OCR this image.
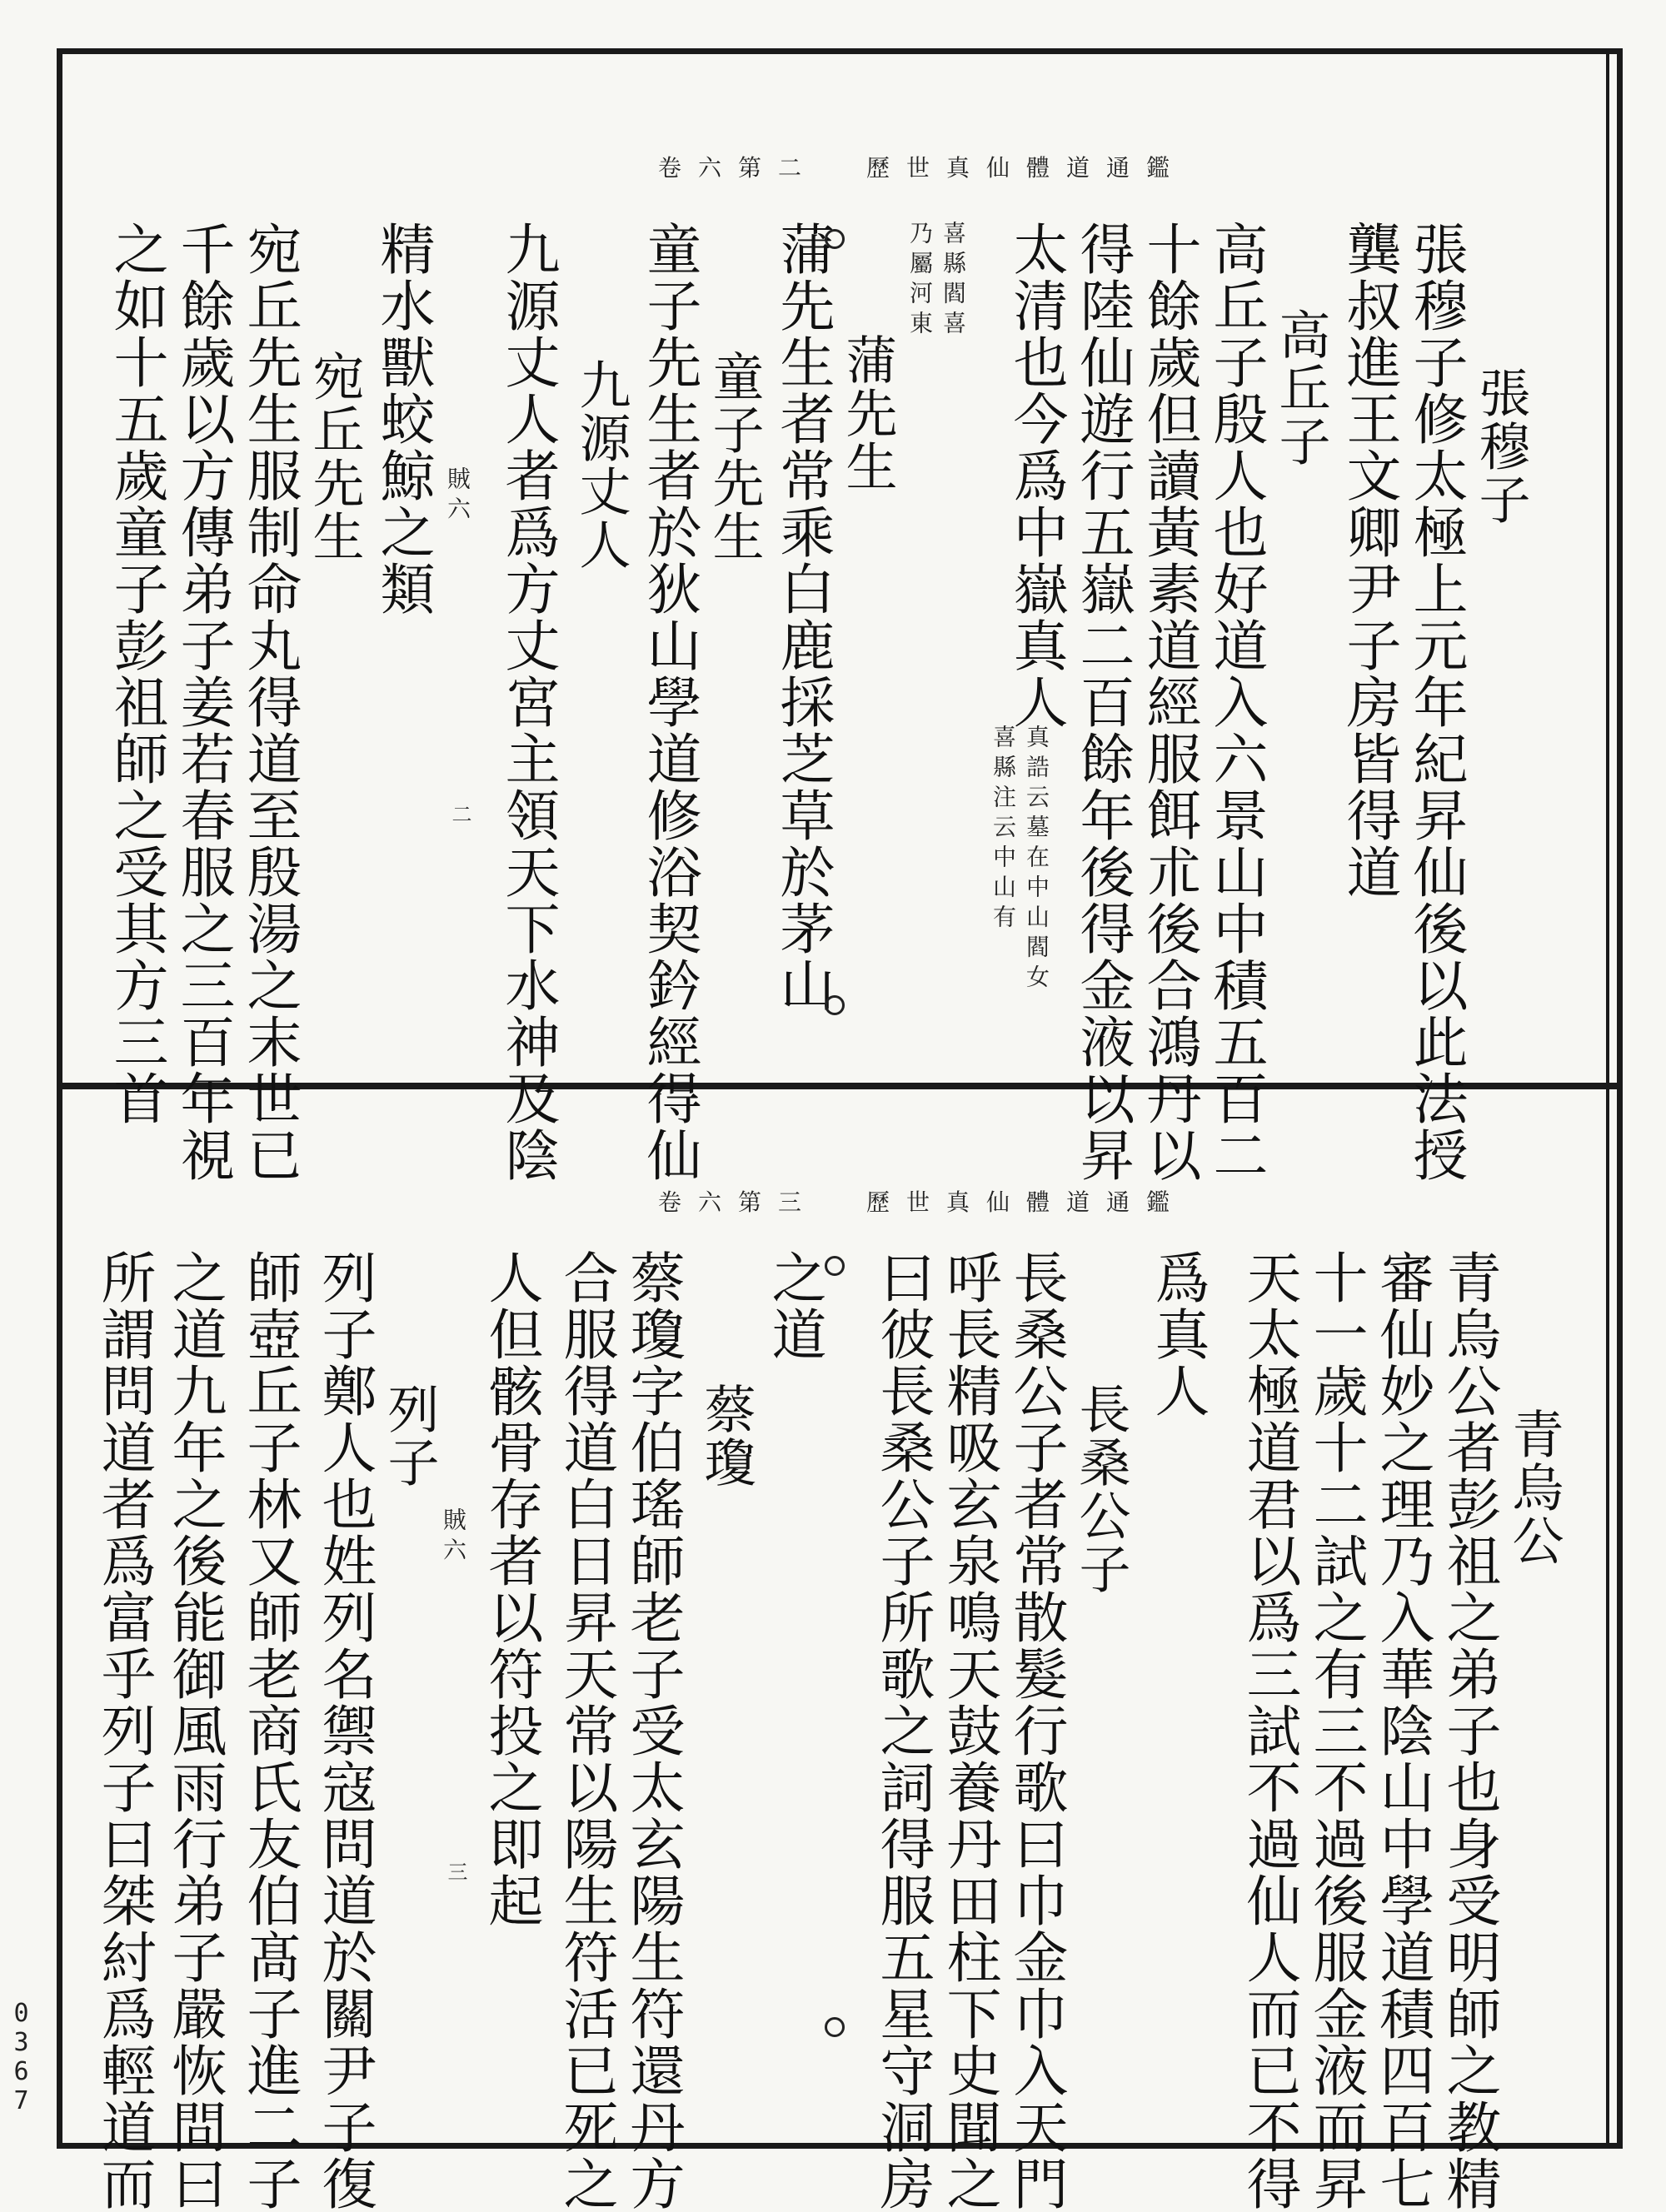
歷世真仙體道通鑑
卷六第二
張穆子
張穆子修太極上元年紀昇仙後以此法授
龔叔進王文卿尹子房皆得道
高丘子
高丘子殷人也好道入六景山中積五百二
十餘歲但讀黃素道經服餌朮後合鴻丹以
得陸仙遊行五嶽二百餘年後得金液以昇
太清也今爲中嶽真人
真誥云墓在中山閻女
喜縣注云中山有
喜縣閻喜
乃屬河東
蒲先生
蒲先生者常乘白鹿採芝草於茅山
童子先生
童子先生者於狄山學道修浴契鈐經得仙
九源丈人
九源丈人者爲方丈宮主領天下水神及陰
賊六
二
精水獸蛟鯨之類
宛丘先生
宛丘先生服制命丸得道至殷湯之末世已
千餘歲以方傳弟子姜若春服之三百年視
之如十五歲童子彭祖師之受其方三首
歷世真仙體道通鑑
卷六第三
青烏公
青烏公者彭祖之弟子也身受明師之教精
審仙妙之理乃入華陰山中學道積四百七
十一歲十二試之有三不過後服金液而昇
天太極道君以爲三試不過仙人而已不得
爲真人
長桑公子
長桑公子者常散髮行歌曰巾金巾入天門
呼長精吸玄泉鳴天鼓養丹田柱下史聞之
曰彼長桑公子所歌之詞得服五星守洞房
之道
蔡瓊
蔡瓊字伯瑤師老子受太玄陽生符還丹方
合服得道白日昇天常以陽生符活已死之
人但骸骨存者以符投之即起
賊六
三
列子
列子鄭人也姓列名禦寇問道於關尹子復
師壺丘子林又師老商氏友伯髙子進二子
之道九年之後能御風雨行弟子嚴恢問曰
所謂問道者爲富乎列子曰桀紂爲輕道而
0367
